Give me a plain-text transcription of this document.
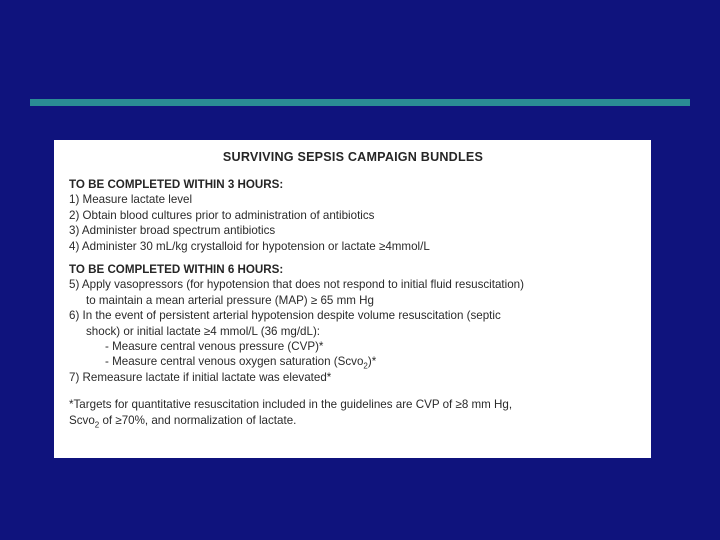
SURVIVING SEPSIS CAMPAIGN BUNDLES

TO BE COMPLETED WITHIN 3 HOURS:

1) Measure lactate level

2) Obtain blood cultures prior to administration of antibiotics

3) Administer broad spectrum antibiotics

4) Administer 30 mL/kg crystalloid for hypotension or lactate ≥4mmol/L

TO BE COMPLETED WITHIN 6 HOURS:

5) Apply vasopressors (for hypotension that does not respond to initial fluid resuscitation)

to maintain a mean arterial pressure (MAP) ≥ 65 mm Hg

6) In the event of persistent arterial hypotension despite volume resuscitation (septic

shock) or initial lactate ≥4 mmol/L (36 mg/dL):

- Measure central venous pressure (CVP)*

- Measure central venous oxygen saturation (Scvo$_2$)*

7) Remeasure lactate if initial lactate was elevated*

*Targets for quantitative resuscitation included in the guidelines are CVP of ≥8 mm Hg,

Scvo$_2$ of ≥70%, and normalization of lactate.
